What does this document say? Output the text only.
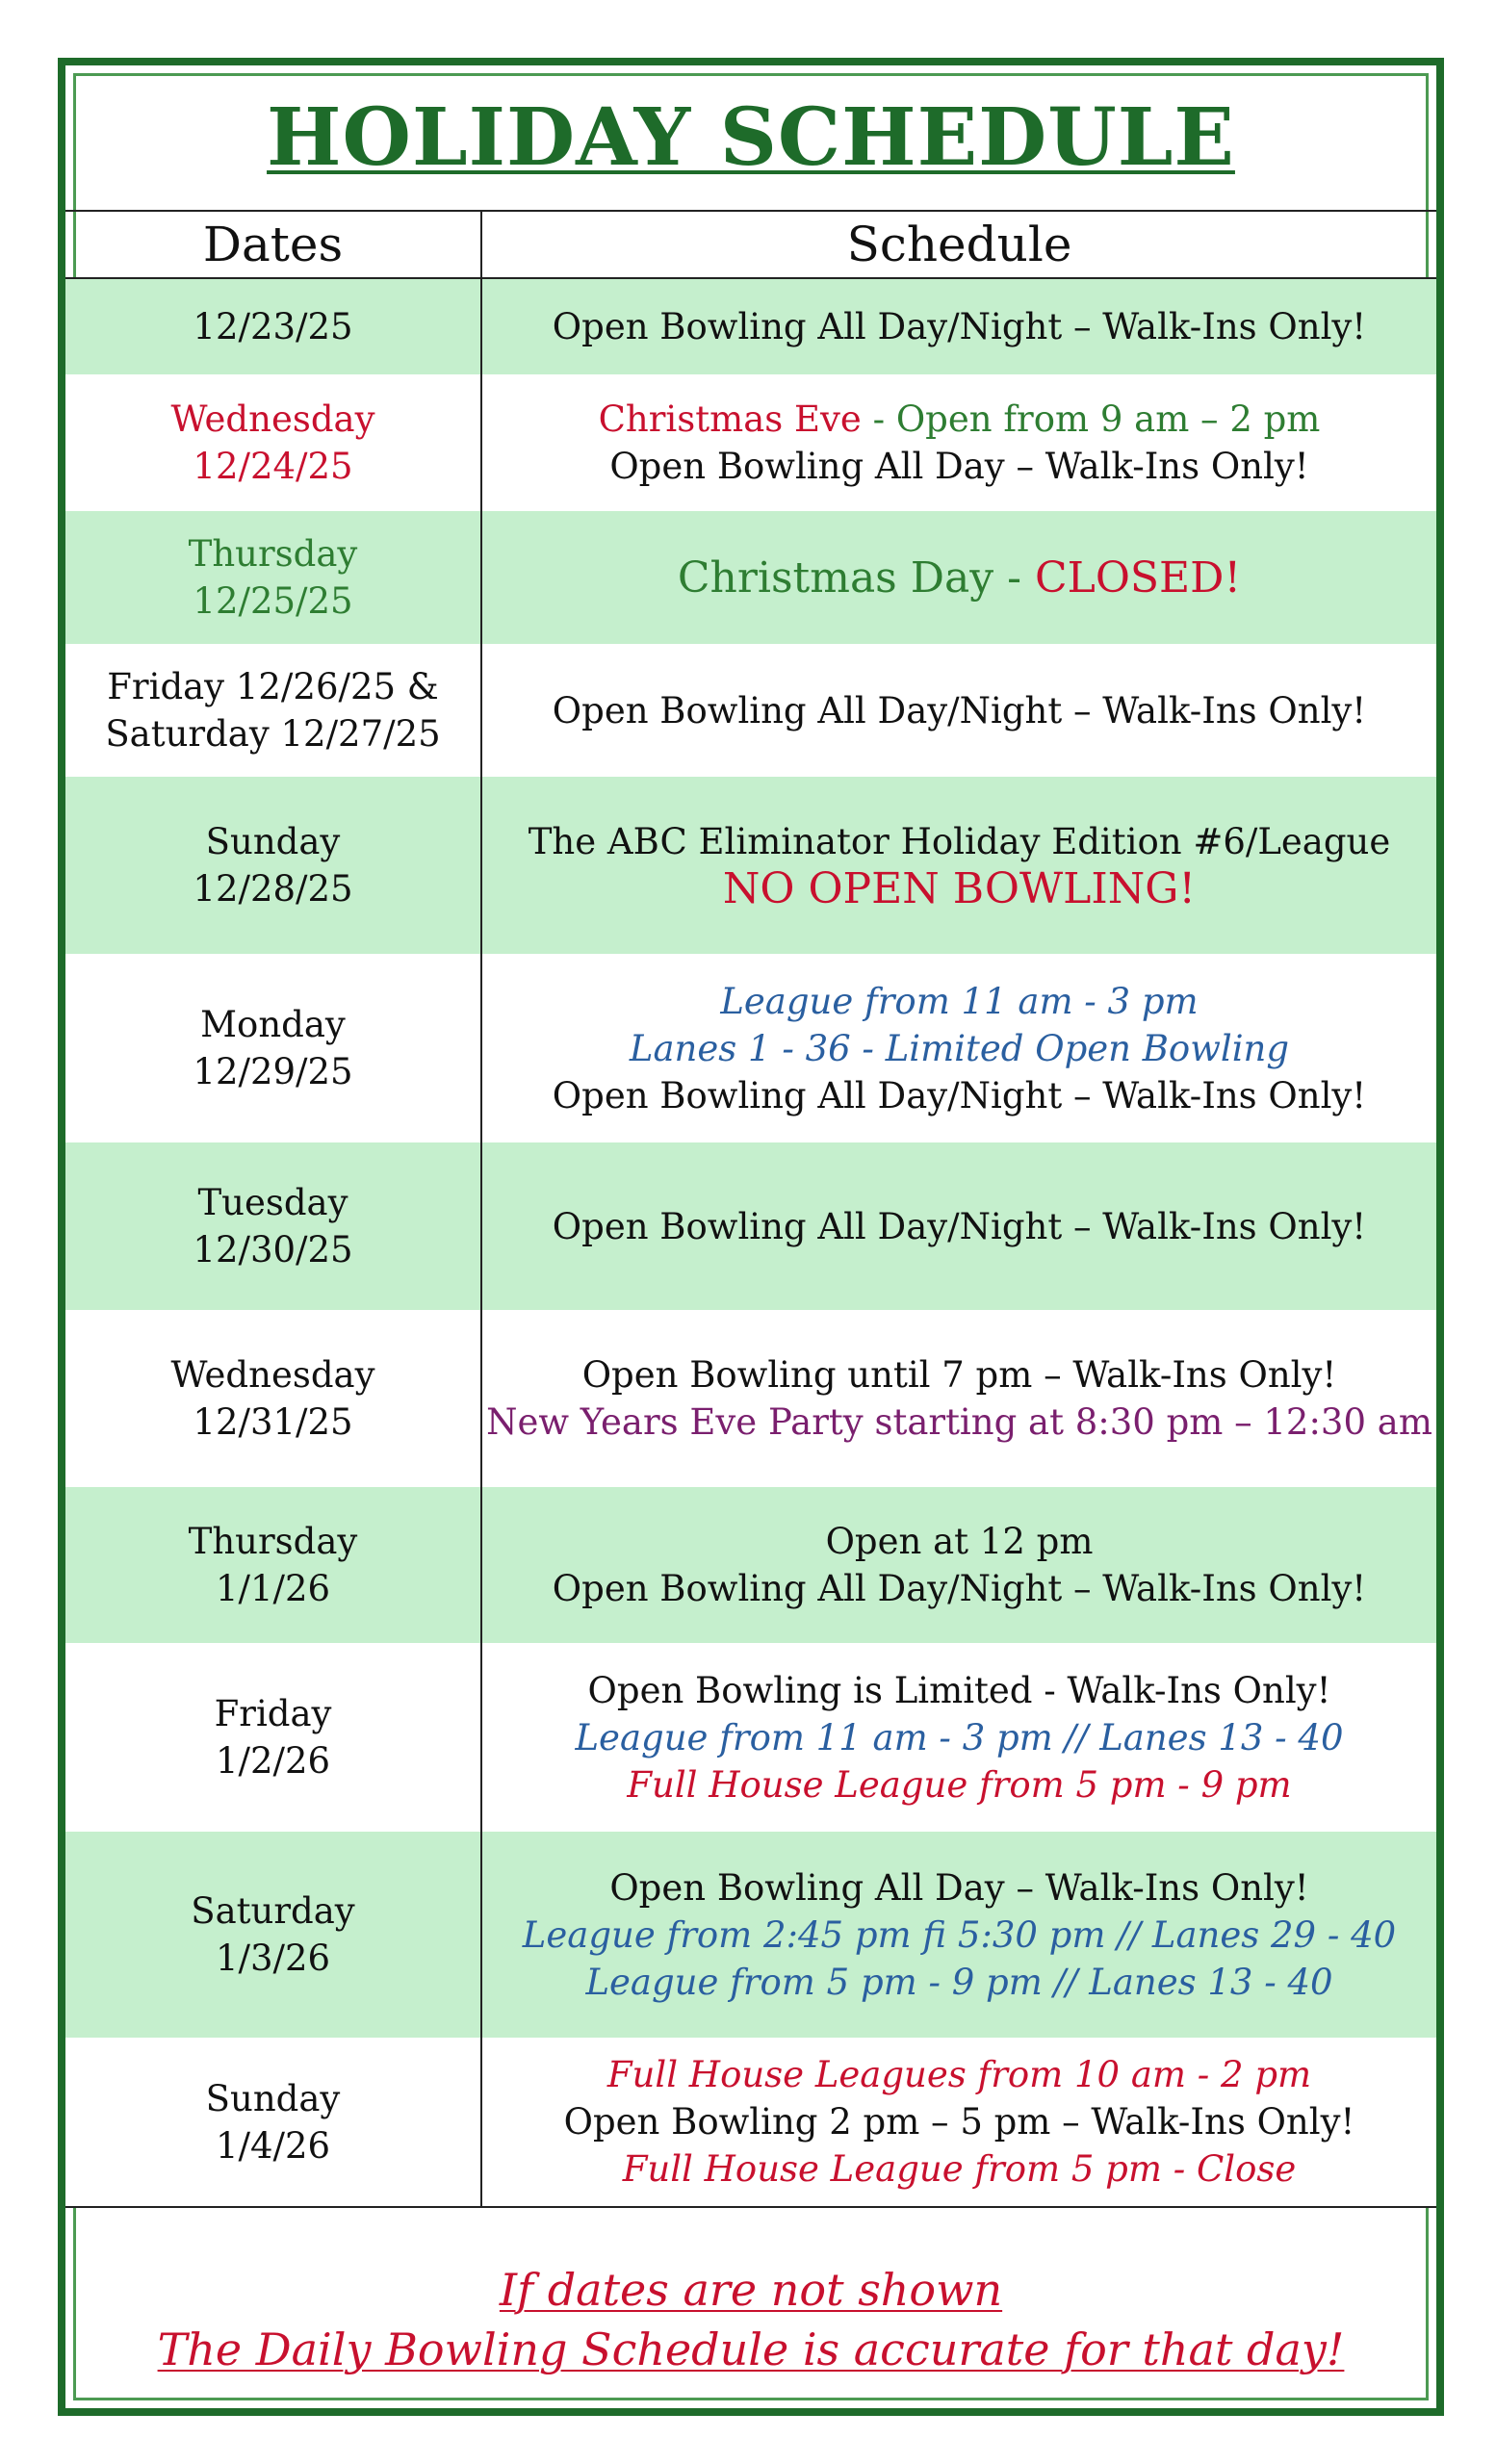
HOLIDAY SCHEDULE
Dates	Schedule

12/23/25	Open Bowling All Day/Night – Walk-Ins Only!

Wednesday
12/24/25	Christmas Eve - Open from 9 am – 2 pm
Open Bowling All Day – Walk-Ins Only!

Thursday
12/25/25	Christmas Day - CLOSED!

Friday 12/26/25 &
Saturday 12/27/25	Open Bowling All Day/Night – Walk-Ins Only!

Sunday
12/28/25	The ABC Eliminator Holiday Edition #6/League
NO OPEN BOWLING!

Monday
12/29/25	League from 11 am - 3 pm
Lanes 1 - 36 - Limited Open Bowling
Open Bowling All Day/Night – Walk-Ins Only!

Tuesday
12/30/25	Open Bowling All Day/Night – Walk-Ins Only!

Wednesday
12/31/25	Open Bowling until 7 pm – Walk-Ins Only!
New Years Eve Party starting at 8:30 pm – 12:30 am

Thursday
1/1/26	Open at 12 pm
Open Bowling All Day/Night – Walk-Ins Only!

Friday
1/2/26	Open Bowling is Limited - Walk-Ins Only!
League from 11 am - 3 pm // Lanes 13 - 40
Full House League from 5 pm - 9 pm

Saturday
1/3/26	Open Bowling All Day – Walk-Ins Only!
League from 2:45 pm fi 5:30 pm // Lanes 29 - 40
League from 5 pm - 9 pm // Lanes 13 - 40

Sunday
1/4/26	Full House Leagues from 10 am - 2 pm
Open Bowling 2 pm – 5 pm – Walk-Ins Only!
Full House League from 5 pm - Close
If dates are not shown
The Daily Bowling Schedule is accurate for that day!
